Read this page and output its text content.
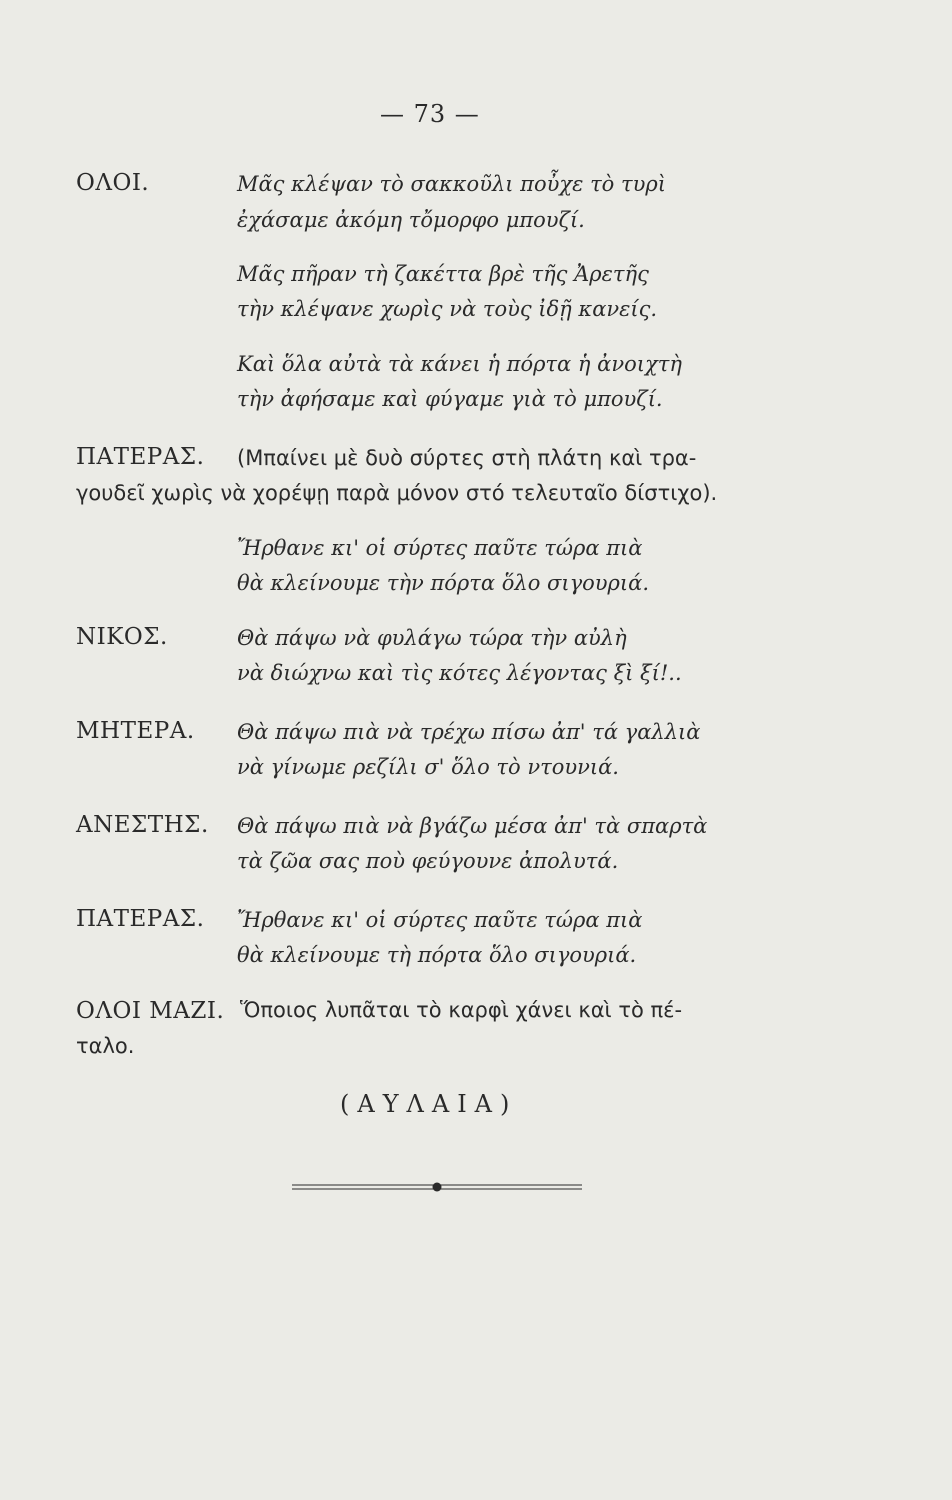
— 73 —
ΟΛΟΙ.	Μᾶς κλέψαν τὸ σακκοῦλι ποὖχε τὸ τυρὶ
ἐχάσαμε ἀκόμη τὄμορφο μπουζί.
Μᾶς πῆραν τὴ ζακέττα βρὲ τῆς Ἀρετῆς
τὴν κλέψανε χωρὶς νὰ τοὺς ἰδῇ κανείς.
Καὶ ὅλα αὐτὰ τὰ κάνει ἡ πόρτα ἡ ἀνοιχτὴ
τὴν ἀφήσαμε καὶ φύγαμε γιὰ τὸ μπουζί.
ΠΑΤΕΡΑΣ. (Μπαίνει μὲ δυὸ σύρτες στὴ πλάτη καὶ τρα-
γουδεῖ χωρὶς νὰ χορέψῃ παρὰ μόνον στό τελευταῖο δίστιχο).
Ἤρθανε κι' οἱ σύρτες παῦτε τώρα πιὰ
θὰ κλείνουμε τὴν πόρτα ὅλο σιγουριά.
ΝΙΚΟΣ.	Θὰ πάψω νὰ φυλάγω τώρα τὴν αὐλὴ
νὰ διώχνω καὶ τὶς κότες λέγοντας ξὶ ξί!..
ΜΗΤΕΡΑ. Θὰ πάψω πιὰ νὰ τρέχω πίσω ἀπ' τά γαλλιὰ
νὰ γίνωμε ρεζίλι σ' ὅλο τὸ ντουνιά.
ΑΝΕΣΤΗΣ. Θὰ πάψω πιὰ νὰ βγάζω μέσα ἀπ' τὰ σπαρτὰ
τὰ ζῶα σας ποὺ φεύγουνε ἀπολυτά.
ΠΑΤΕΡΑΣ. Ἤρθανε κι' οἱ σύρτες παῦτε τώρα πιὰ
θὰ κλείνουμε τὴ πόρτα ὅλο σιγουριά.
ΟΛΟΙ ΜΑΖΙ. Ὅποιος λυπᾶται τὸ καρφὶ χάνει καὶ τὸ πέ-
ταλο.
(ΑΥΛΑΙΑ)
